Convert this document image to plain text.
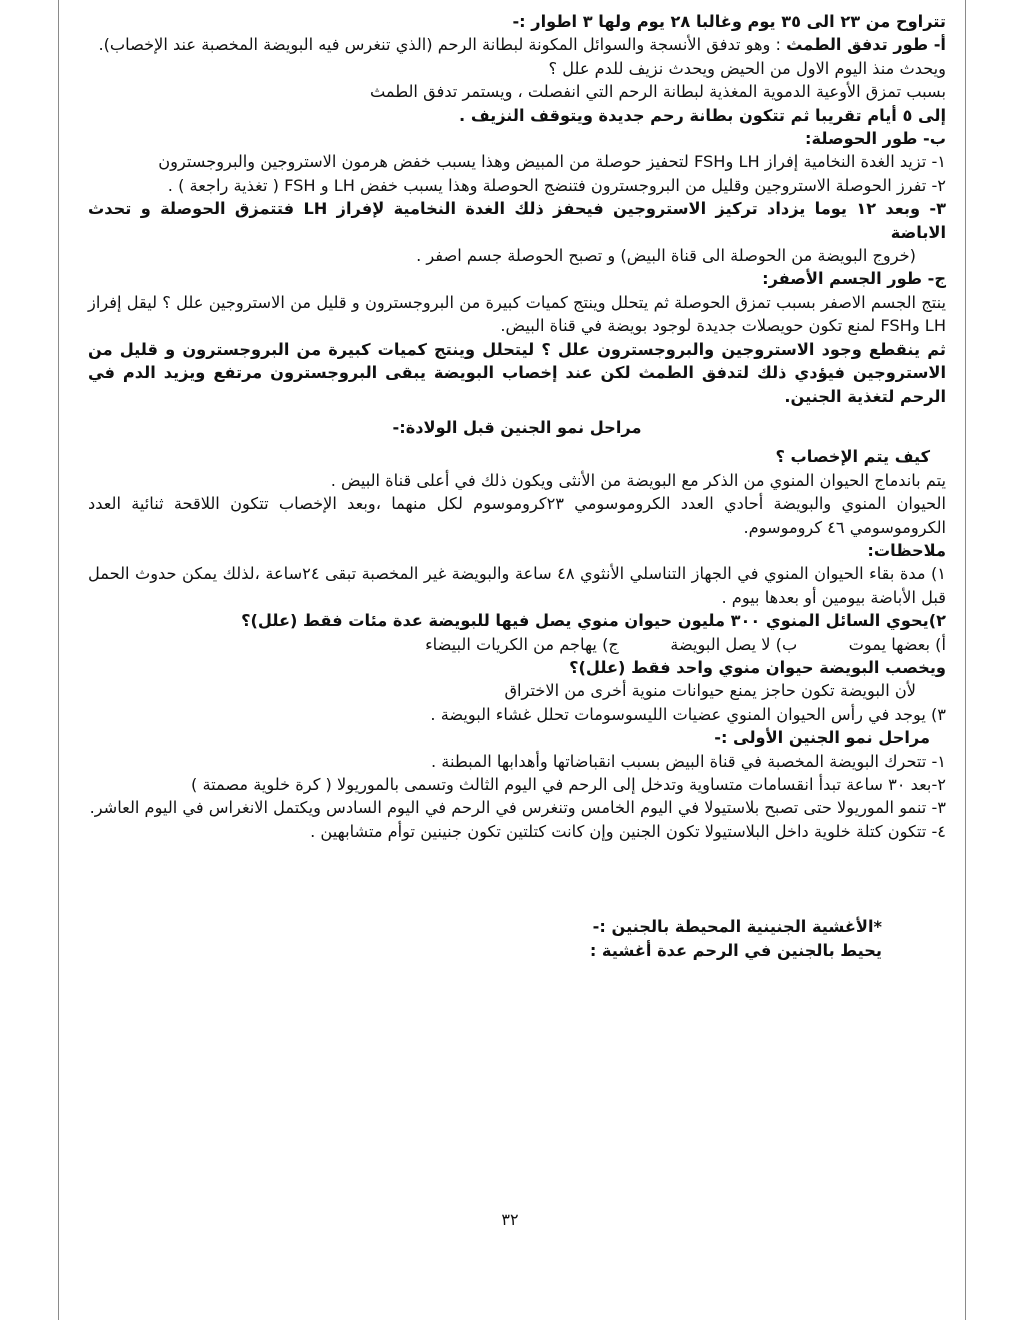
تتراوح من ٢٣ الى ٣٥ يوم وغالبا ٢٨ يوم ولها ٣ اطوار :-

أ- طور تدفق الطمث : وهو تدفق الأنسجة والسوائل المكونة لبطانة الرحم (الذي تنغرس فيه البويضة المخصبة عند الإخصاب).

ويحدث منذ اليوم الاول من الحيض ويحدث نزيف للدم علل ؟

بسبب تمزق الأوعية الدموية المغذية لبطانة الرحم التي انفصلت ، ويستمر تدفق الطمث

إلى ٥ أيام تقريبا ثم تتكون بطانة رحم جديدة ويتوقف النزيف .

ب- طور الحوصلة:

١- تزيد الغدة النخامية إفراز LH وFSH لتحفيز حوصلة من المبيض وهذا يسبب خفض هرمون الاستروجين والبروجسترون

٢- تفرز الحوصلة الاستروجين وقليل من البروجسترون فتنضج الحوصلة وهذا يسبب خفض LH و FSH ( تغذية راجعة ) .

٣- وبعد ١٢ يوما يزداد تركيز الاستروجين فيحفز ذلك الغدة النخامية لإفراز LH فتتمزق الحوصلة و تحدث الاباضة

(خروج البويضة من الحوصلة الى قناة البيض) و تصبح الحوصلة جسم اصفر .

ج- طور الجسم الأصفر:

ينتج الجسم الاصفر بسبب تمزق الحوصلة ثم يتحلل وينتج كميات كبيرة من البروجسترون و قليل من الاستروجين علل ؟ ليقل إفراز LH وFSH لمنع تكون حويصلات جديدة لوجود بويضة في قناة البيض.

ثم ينقطع وجود الاستروجين والبروجسترون علل ؟ ليتحلل وينتج كميات كبيرة من البروجسترون و قليل من الاستروجين فيؤدي ذلك لتدفق الطمث لكن عند إخصاب البويضة يبقى البروجسترون مرتفع ويزيد الدم في الرحم لتغذية الجنين.

مراحل نمو الجنين قبل الولادة:-

كيف يتم الإخصاب ؟

يتم باندماج الحيوان المنوي من الذكر مع البويضة من الأنثى ويكون ذلك في أعلى قناة البيض .

الحيوان المنوي والبويضة أحادي العدد الكروموسومي ٢٣كروموسوم لكل منهما ،وبعد الإخصاب تتكون اللاقحة ثنائية العدد الكروموسومي ٤٦ كروموسوم.

ملاحظات:

١) مدة بقاء الحيوان المنوي في الجهاز التناسلي الأنثوي ٤٨ ساعة والبويضة غير المخصبة تبقى ٢٤ساعة ،لذلك يمكن حدوث الحمل قبل الأباضة بيومين أو بعدها بيوم .

٢)يحوي السائل المنوي ٣٠٠ مليون حيوان منوي يصل فيها للبويضة عدة مئات فقط (علل)؟

أ) بعضها يموت          ب) لا يصل البويضة          ج) يهاجم من الكريات البيضاء

ويخصب البويضة حيوان منوي واحد فقط (علل)؟

لأن البويضة تكون حاجز يمنع حيوانات منوية أخرى من الاختراق

٣) يوجد في رأس الحيوان المنوي عضيات الليسوسومات تحلل غشاء البويضة .

مراحل نمو الجنين الأولى :-

١- تتحرك البويضة المخصبة في قناة البيض بسبب انقباضاتها وأهدابها المبطنة .

٢-بعد ٣٠ ساعة تبدأ انقسامات متساوية وتدخل إلى الرحم في اليوم الثالث وتسمى بالموريولا ( كرة خلوية مصمتة )

٣- تنمو الموريولا حتى تصبح بلاستيولا في اليوم الخامس وتنغرس في الرحم في اليوم السادس ويكتمل الانغراس في اليوم العاشر.

٤- تتكون كتلة خلوية داخل البلاستيولا تكون الجنين وإن كانت كتلتين تكون جنينين توأم متشابهين .

*الأغشية الجنينية المحيطة بالجنين :-

يحيط بالجنين في الرحم عدة أغشية :

٣٢
